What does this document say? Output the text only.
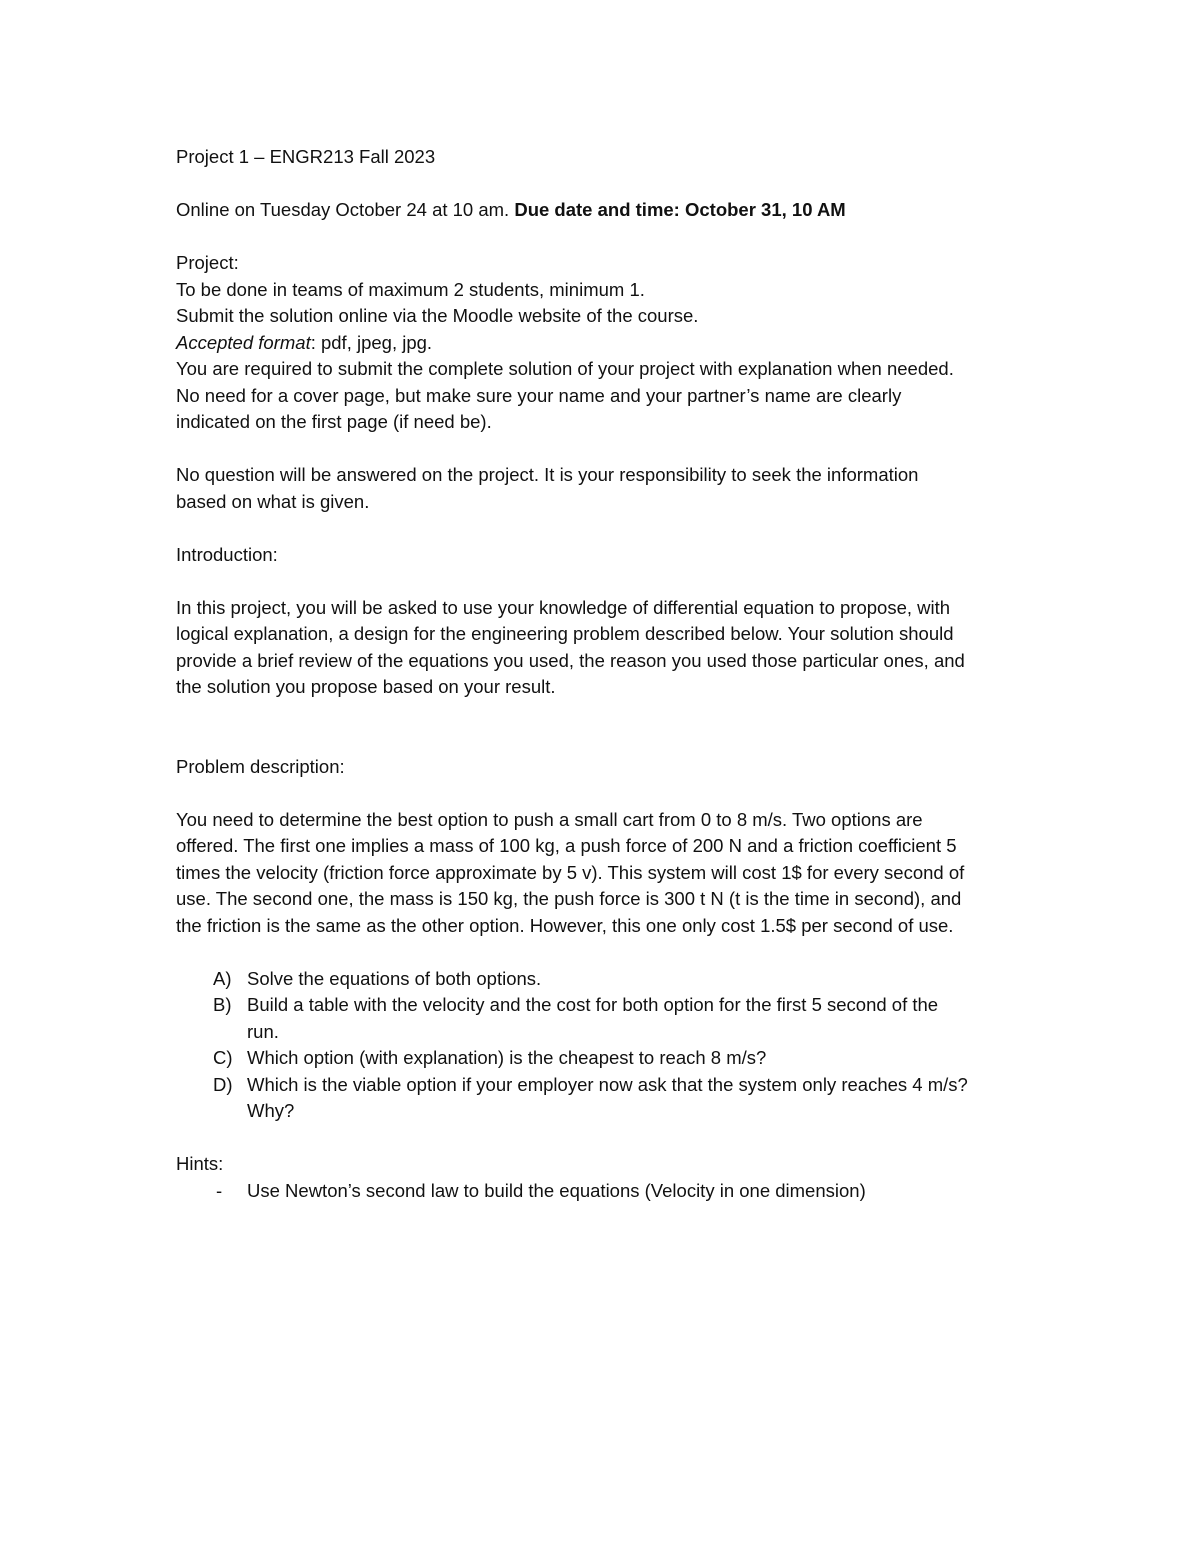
Project 1 – ENGR213 Fall 2023

Online on Tuesday October 24 at 10 am. Due date and time: October 31, 10 AM

Project:

To be done in teams of maximum 2 students, minimum 1.

Submit the solution online via the Moodle website of the course.

Accepted format: pdf, jpeg, jpg.

You are required to submit the complete solution of your project with explanation when needed.

No need for a cover page, but make sure your name and your partner’s name are clearly

indicated on the first page (if need be).

No question will be answered on the project. It is your responsibility to seek the information

based on what is given.

Introduction:

In this project, you will be asked to use your knowledge of differential equation to propose, with

logical explanation, a design for the engineering problem described below. Your solution should

provide a brief review of the equations you used, the reason you used those particular ones, and

the solution you propose based on your result.

Problem description:

You need to determine the best option to push a small cart from 0 to 8 m/s. Two options are

offered. The first one implies a mass of 100 kg, a push force of 200 N and a friction coefficient 5

times the velocity (friction force approximate by 5 v). This system will cost 1$ for every second of

use. The second one, the mass is 150 kg, the push force is 300 t N (t is the time in second), and

the friction is the same as the other option. However, this one only cost 1.5$ per second of use.

A) Solve the equations of both options.
B) Build a table with the velocity and the cost for both option for the first 5 second of the
run.
C) Which option (with explanation) is the cheapest to reach 8 m/s?
D) Which is the viable option if your employer now ask that the system only reaches 4 m/s?
Why?

Hints:

- Use Newton’s second law to build the equations (Velocity in one dimension)
